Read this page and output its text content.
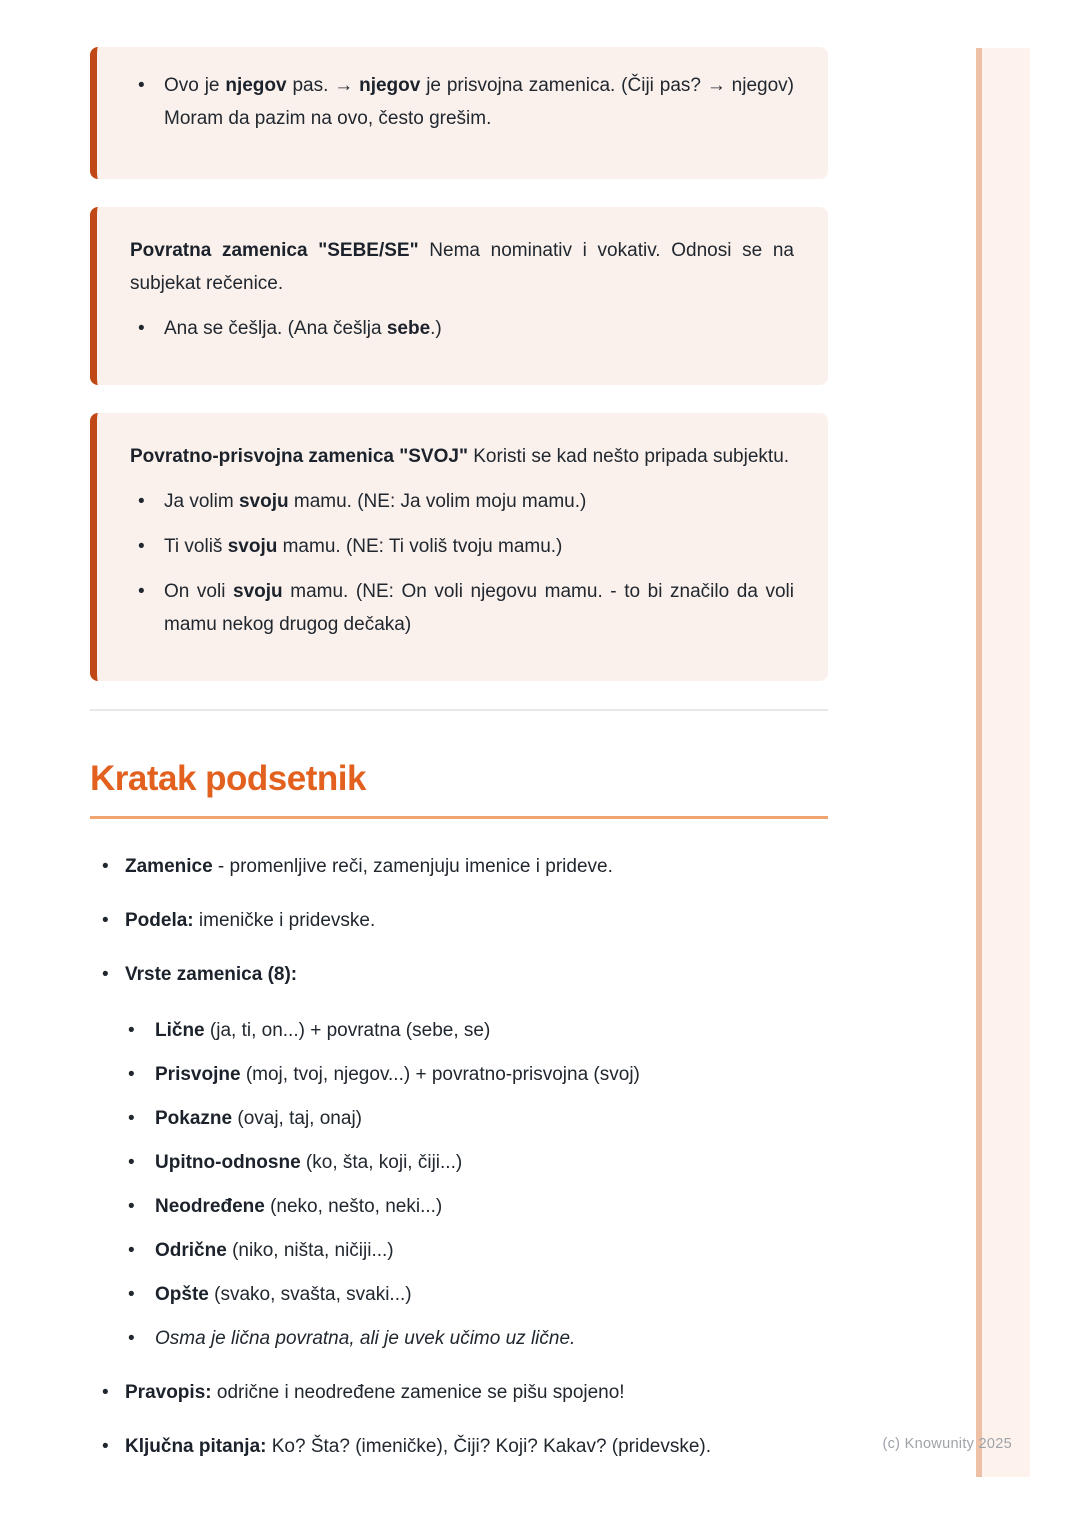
• Ovo je njegov pas. → njegov je prisvojna zamenica. (Čiji pas? → njegov) Moram da pazim na ovo, često grešim.

Povratna zamenica "SEBE/SE" Nema nominativ i vokativ. Odnosi se na subjekat rečenice.

• Ana se češlja. (Ana češlja sebe.)

Povratno-prisvojna zamenica "SVOJ" Koristi se kad nešto pripada subjektu.

• Ja volim svoju mamu. (NE: Ja volim moju mamu.)
• Ti voliš svoju mamu. (NE: Ti voliš tvoju mamu.)
• On voli svoju mamu. (NE: On voli njegovu mamu. - to bi značilo da voli mamu nekog drugog dečaka)
Kratak podsetnik
• Zamenice - promenljive reči, zamenjuju imenice i prideve.
• Podela: imeničke i pridevske.
• Vrste zamenica (8):
• Lične (ja, ti, on...) + povratna (sebe, se)
• Prisvojne (moj, tvoj, njegov...) + povratno-prisvojna (svoj)
• Pokazne (ovaj, taj, onaj)
• Upitno-odnosne (ko, šta, koji, čiji...)
• Neodređene (neko, nešto, neki...)
• Odrične (niko, ništa, ničiji...)
• Opšte (svako, svašta, svaki...)
• Osma je lična povratna, ali je uvek učimo uz lične.
• Pravopis: odrične i neodređene zamenice se pišu spojeno!
• Ključna pitanja: Ko? Šta? (imeničke), Čiji? Koji? Kakav? (pridevske).	(c) Knowunity 2025
